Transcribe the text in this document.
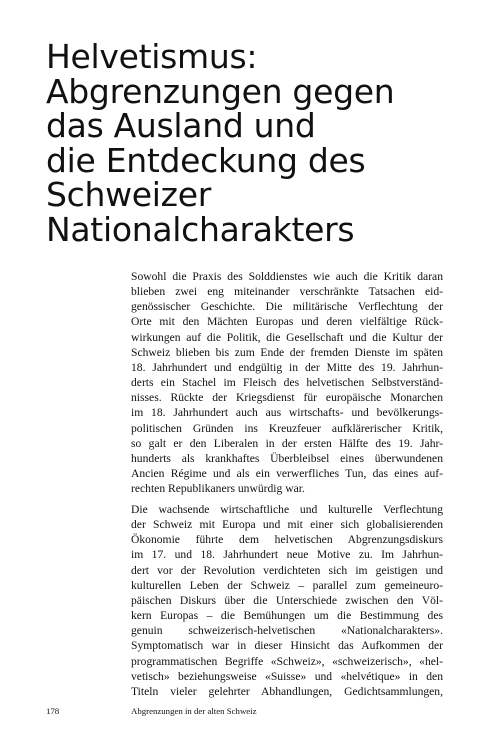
Helvetismus:
Abgrenzungen gegen
das Ausland und
die Entdeckung des
Schweizer
Nationalcharakters
Sowohl die Praxis des Solddienstes wie auch die Kritik daran
blieben zwei eng miteinander verschränkte Tatsachen eid-
genössischer Geschichte. Die militärische Verflechtung der
Orte mit den Mächten Europas und deren vielfältige Rück-
wirkungen auf die Politik, die Gesellschaft und die Kultur der
Schweiz blieben bis zum Ende der fremden Dienste im späten
18. Jahrhundert und endgültig in der Mitte des 19. Jahrhun-
derts ein Stachel im Fleisch des helvetischen Selbstverständ-
nisses. Rückte der Kriegsdienst für europäische Monarchen
im 18. Jahrhundert auch aus wirtschafts- und bevölkerungs-
politischen Gründen ins Kreuzfeuer aufklärerischer Kritik,
so galt er den Liberalen in der ersten Hälfte des 19. Jahr-
hunderts als krankhaftes Überbleibsel eines überwundenen
Ancien Régime und als ein verwerfliches Tun, das eines auf-
rechten Republikaners unwürdig war.
Die wachsende wirtschaftliche und kulturelle Verflechtung
der Schweiz mit Europa und mit einer sich globalisierenden
Ökonomie führte dem helvetischen Abgrenzungsdiskurs
im 17. und 18. Jahrhundert neue Motive zu. Im Jahrhun-
dert vor der Revolution verdichteten sich im geistigen und
kulturellen Leben der Schweiz – parallel zum gemeineuro-
päischen Diskurs über die Unterschiede zwischen den Völ-
kern Europas – die Bemühungen um die Bestimmung des
genuin schweizerisch-helvetischen «Nationalcharakters».
Symptomatisch war in dieser Hinsicht das Aufkommen der
programmatischen Begriffe «Schweiz», «schweizerisch», «hel-
vetisch» beziehungsweise «Suisse» und «helvétique» in den
Titeln vieler gelehrter Abhandlungen, Gedichtsammlungen,
178	Abgrenzungen in der alten Schweiz
